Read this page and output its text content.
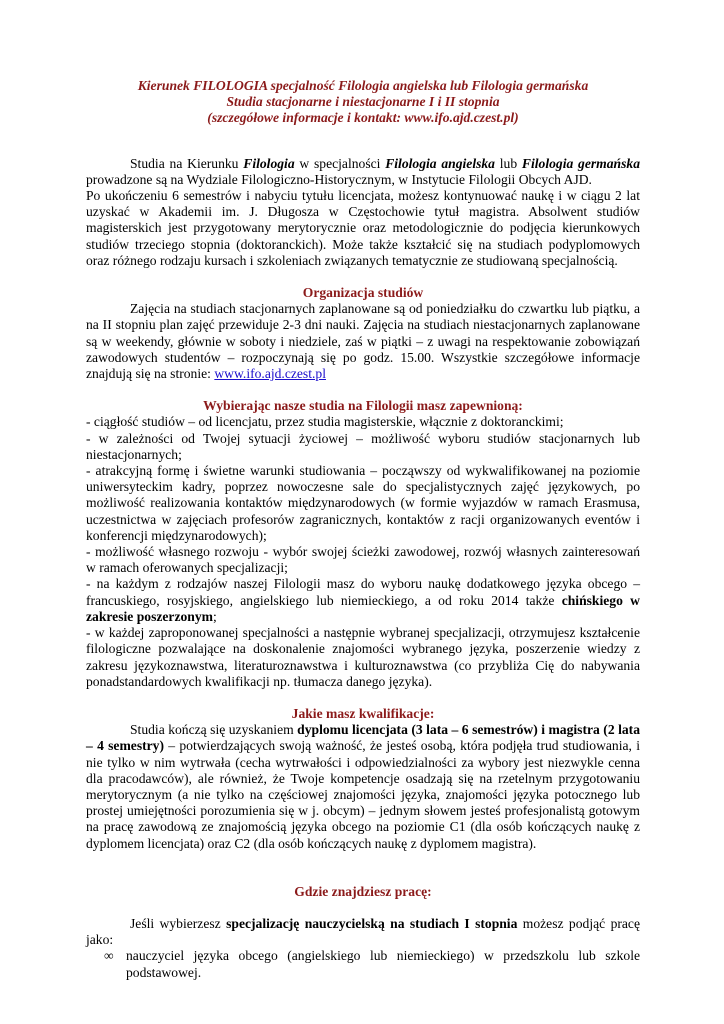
Kierunek FILOLOGIA specjalność Filologia angielska lub Filologia germańska

Studia stacjonarne i niestacjonarne I i II stopnia

(szczegółowe informacje i kontakt: www.ifo.ajd.czest.pl)

Studia na Kierunku Filologia w specjalności Filologia angielska lub Filologia germańska prowadzone są na Wydziale Filologiczno-Historycznym, w Instytucie Filologii Obcych AJD.

Po ukończeniu 6 semestrów i nabyciu tytułu licencjata, możesz kontynuować naukę i w ciągu 2 lat uzyskać w Akademii im. J. Długosza w Częstochowie tytuł magistra. Absolwent studiów magisterskich jest przygotowany merytorycznie oraz metodologicznie do podjęcia kierunkowych studiów trzeciego stopnia (doktoranckich). Może także kształcić się na studiach podyplomowych oraz różnego rodzaju kursach i szkoleniach związanych tematycznie ze studiowaną specjalnością.

Organizacja studiów

Zajęcia na studiach stacjonarnych zaplanowane są od poniedziałku do czwartku lub piątku, a na II stopniu plan zajęć przewiduje 2-3 dni nauki. Zajęcia na studiach niestacjonarnych zaplanowane są w weekendy, głównie w soboty i niedziele, zaś w piątki – z uwagi na respektowanie zobowiązań zawodowych studentów – rozpoczynają się po godz. 15.00. Wszystkie szczegółowe informacje znajdują się na stronie: www.ifo.ajd.czest.pl

Wybierając nasze studia na Filologii masz zapewnioną:

- ciągłość studiów – od licencjatu, przez studia magisterskie, włącznie z doktoranckimi;

- w zależności od Twojej sytuacji życiowej – możliwość wyboru studiów stacjonarnych lub niestacjonarnych;

- atrakcyjną formę i świetne warunki studiowania – począwszy od wykwalifikowanej na poziomie uniwersyteckim kadry, poprzez nowoczesne sale do specjalistycznych zajęć językowych, po możliwość realizowania kontaktów międzynarodowych (w formie wyjazdów w ramach Erasmusa, uczestnictwa w zajęciach profesorów zagranicznych, kontaktów z racji organizowanych eventów i konferencji międzynarodowych);

- możliwość własnego rozwoju - wybór swojej ścieżki zawodowej, rozwój własnych zainteresowań w ramach oferowanych specjalizacji;

- na każdym z rodzajów naszej Filologii masz do wyboru naukę dodatkowego języka obcego – francuskiego, rosyjskiego, angielskiego lub niemieckiego, a od roku 2014 także chińskiego w zakresie poszerzonym;

- w każdej zaproponowanej specjalności a następnie wybranej specjalizacji, otrzymujesz kształcenie filologiczne pozwalające na doskonalenie znajomości wybranego języka, poszerzenie wiedzy z zakresu językoznawstwa, literaturoznawstwa i kulturoznawstwa (co przybliża Cię do nabywania ponadstandardowych kwalifikacji np. tłumacza danego języka).

Jakie masz kwalifikacje:

Studia kończą się uzyskaniem dyplomu licencjata (3 lata – 6 semestrów) i magistra (2 lata – 4 semestry) – potwierdzających swoją ważność, że jesteś osobą, która podjęła trud studiowania, i nie tylko w nim wytrwała (cecha wytrwałości i odpowiedzialności za wybory jest niezwykle cenna dla pracodawców), ale również, że Twoje kompetencje osadzają się na rzetelnym przygotowaniu merytorycznym (a nie tylko na częściowej znajomości języka, znajomości języka potocznego lub prostej umiejętności porozumienia się w j. obcym) – jednym słowem jesteś profesjonalistą gotowym na pracę zawodową ze znajomością języka obcego na poziomie C1 (dla osób kończących naukę z dyplomem licencjata) oraz C2 (dla osób kończących naukę z dyplomem magistra).

Gdzie znajdziesz pracę:

Jeśli wybierzesz specjalizację nauczycielską na studiach I stopnia możesz podjąć pracę jako:

∞ nauczyciel języka obcego (angielskiego lub niemieckiego) w przedszkolu lub szkole podstawowej.
